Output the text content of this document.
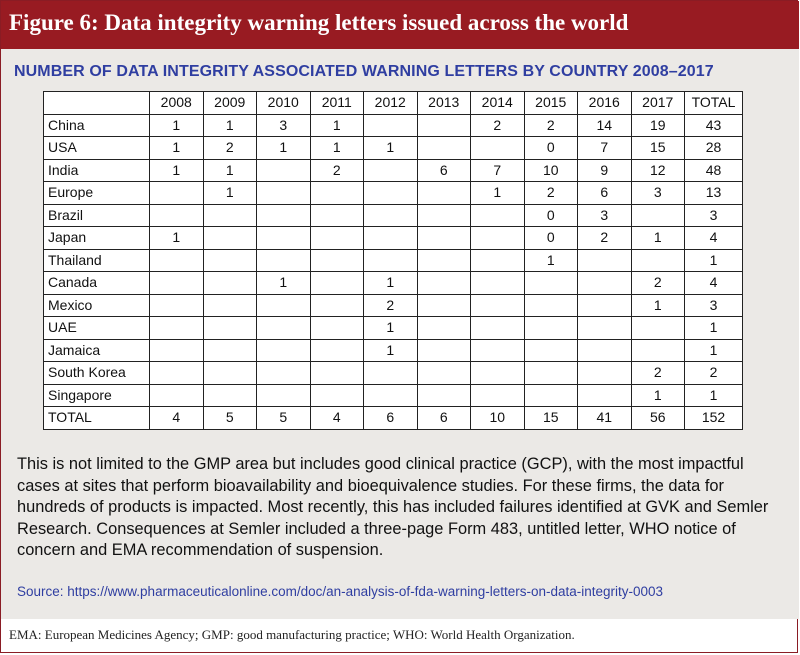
Figure 6: Data integrity warning letters issued across the world
NUMBER OF DATA INTEGRITY ASSOCIATED WARNING LETTERS BY COUNTRY 2008–2017
	2008	2009	2010	2011	2012	2013	2014	2015	2016	2017	TOTAL
China	1	1	3	1			2	2	14	19	43
USA	1	2	1	1	1			0	7	15	28
India	1	1		2		6	7	10	9	12	48
Europe		1					1	2	6	3	13
Brazil								0	3		3
Japan	1							0	2	1	4
Thailand								1			1
Canada			1		1					2	4
Mexico					2					1	3
UAE					1						1
Jamaica					1						1
South Korea										2	2
Singapore										1	1
TOTAL	4	5	5	4	6	6	10	15	41	56	152

This is not limited to the GMP area but includes good clinical practice (GCP), with the most impactful cases at sites that perform bioavailability and bioequivalence studies. For these firms, the data for hundreds of products is impacted. Most recently, this has included failures identified at GVK and Semler Research. Consequences at Semler included a three-page Form 483, untitled letter, WHO notice of concern and EMA recommendation of suspension.

Source: https://www.pharmaceuticalonline.com/doc/an-analysis-of-fda-warning-letters-on-data-integrity-0003
EMA: European Medicines Agency; GMP: good manufacturing practice; WHO: World Health Organization.
